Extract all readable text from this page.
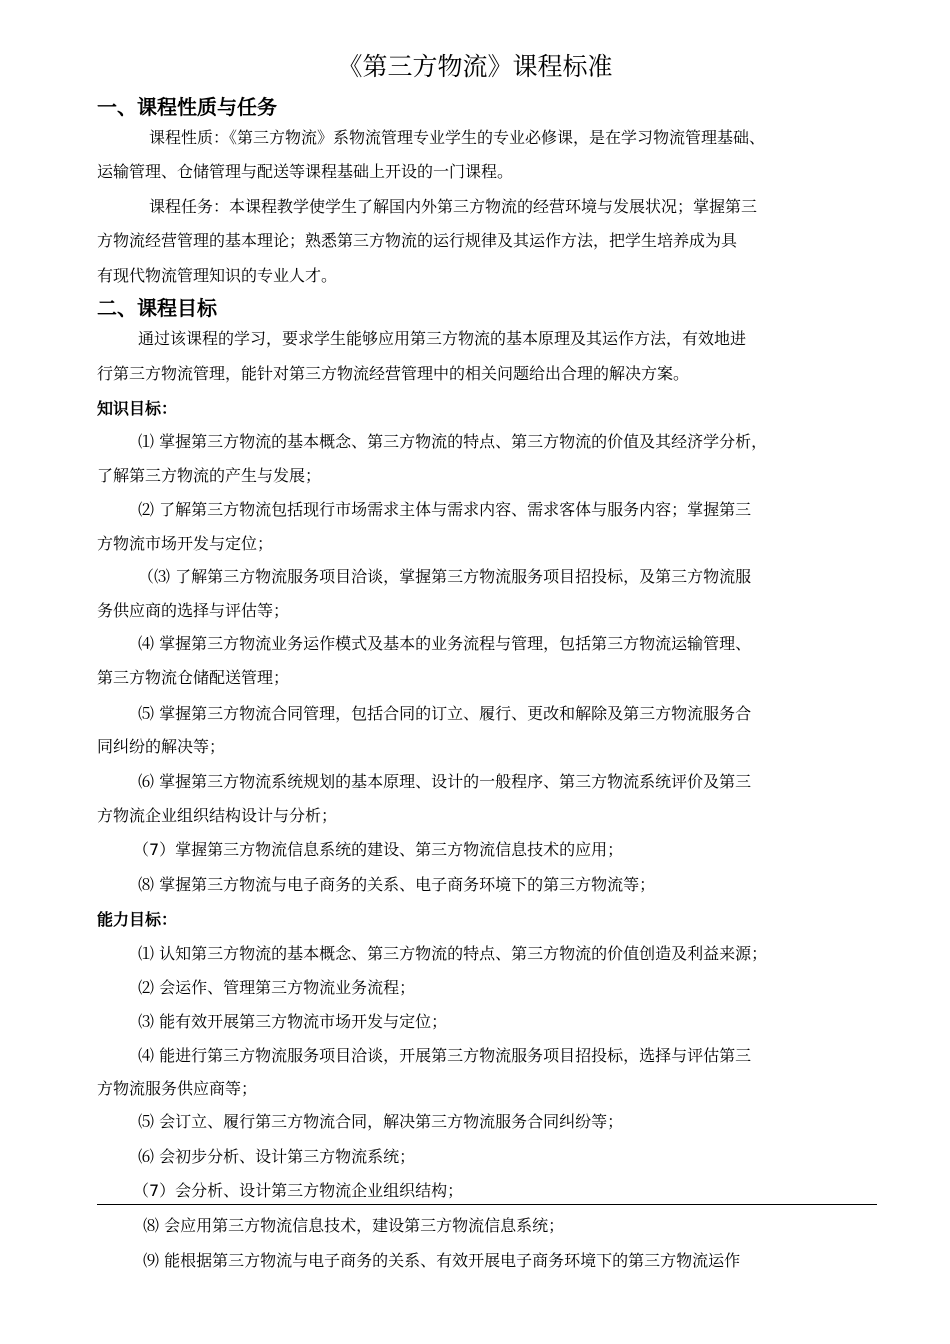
《第三方物流》课程标准
一、课程性质与任务
课程性质：《第三方物流》系物流管理专业学生的专业必修课，是在学习物流管理基础、
运输管理、仓储管理与配送等课程基础上开设的一门课程。
课程任务：本课程教学使学生了解国内外第三方物流的经营环境与发展状况；掌握第三
方物流经营管理的基本理论；熟悉第三方物流的运行规律及其运作方法，把学生培养成为具
有现代物流管理知识的专业人才。
二、课程目标
通过该课程的学习，要求学生能够应用第三方物流的基本原理及其运作方法，有效地进
行第三方物流管理，能针对第三方物流经营管理中的相关问题给出合理的解决方案。
知识目标：
⑴ 掌握第三方物流的基本概念、第三方物流的特点、第三方物流的价值及其经济学分析，
了解第三方物流的产生与发展；
⑵ 了解第三方物流包括现行市场需求主体与需求内容、需求客体与服务内容；掌握第三
方物流市场开发与定位；
（⑶ 了解第三方物流服务项目洽谈，掌握第三方物流服务项目招投标，及第三方物流服
务供应商的选择与评估等；
⑷ 掌握第三方物流业务运作模式及基本的业务流程与管理，包括第三方物流运输管理、
第三方物流仓储配送管理；
⑸ 掌握第三方物流合同管理，包括合同的订立、履行、更改和解除及第三方物流服务合
同纠纷的解决等；
⑹ 掌握第三方物流系统规划的基本原理、设计的一般程序、第三方物流系统评价及第三
方物流企业组织结构设计与分析；
（7）掌握第三方物流信息系统的建设、第三方物流信息技术的应用；
⑻ 掌握第三方物流与电子商务的关系、电子商务环境下的第三方物流等；
能力目标：
⑴ 认知第三方物流的基本概念、第三方物流的特点、第三方物流的价值创造及利益来源；
⑵ 会运作、管理第三方物流业务流程；
⑶ 能有效开展第三方物流市场开发与定位；
⑷ 能进行第三方物流服务项目洽谈，开展第三方物流服务项目招投标，选择与评估第三
方物流服务供应商等；
⑸ 会订立、履行第三方物流合同，解决第三方物流服务合同纠纷等；
⑹ 会初步分析、设计第三方物流系统；
（7）会分析、设计第三方物流企业组织结构；
⑻ 会应用第三方物流信息技术，建设第三方物流信息系统；
⑼ 能根据第三方物流与电子商务的关系、有效开展电子商务环境下的第三方物流运作
